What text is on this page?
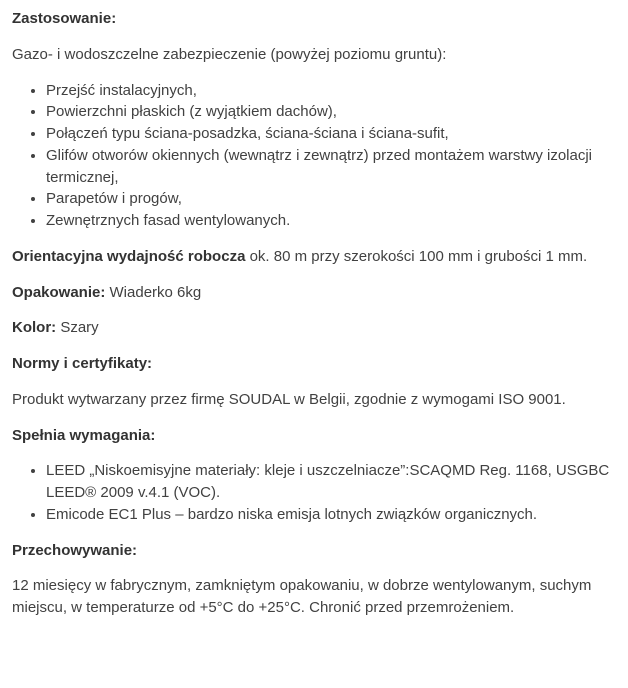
Zastosowanie:

Gazo- i wodoszczelne zabezpieczenie (powyżej poziomu gruntu):

• Przejść instalacyjnych,
• Powierzchni płaskich (z wyjątkiem dachów),
• Połączeń typu ściana-posadzka, ściana-ściana i ściana-sufit,
• Glifów otworów okiennych (wewnątrz i zewnątrz) przed montażem warstwy izolacji termicznej,
• Parapetów i progów,
• Zewnętrznych fasad wentylowanych.

Orientacyjna wydajność robocza ok. 80 m przy szerokości 100 mm i grubości 1 mm.

Opakowanie: Wiaderko 6kg

Kolor: Szary

Normy i certyfikaty:

Produkt wytwarzany przez firmę SOUDAL w Belgii, zgodnie z wymogami ISO 9001.

Spełnia wymagania:
• LEED „Niskoemisyjne materiały: kleje i uszczelniacze”:SCAQMD Reg. 1168, USGBC LEED® 2009 v.4.1 (VOC).
• Emicode EC1 Plus – bardzo niska emisja lotnych związków organicznych.
Przechowywanie:

12 miesięcy w fabrycznym, zamkniętym opakowaniu, w dobrze wentylowanym, suchym miejscu, w temperaturze od +5°C do +25°C. Chronić przed przemrożeniem.
